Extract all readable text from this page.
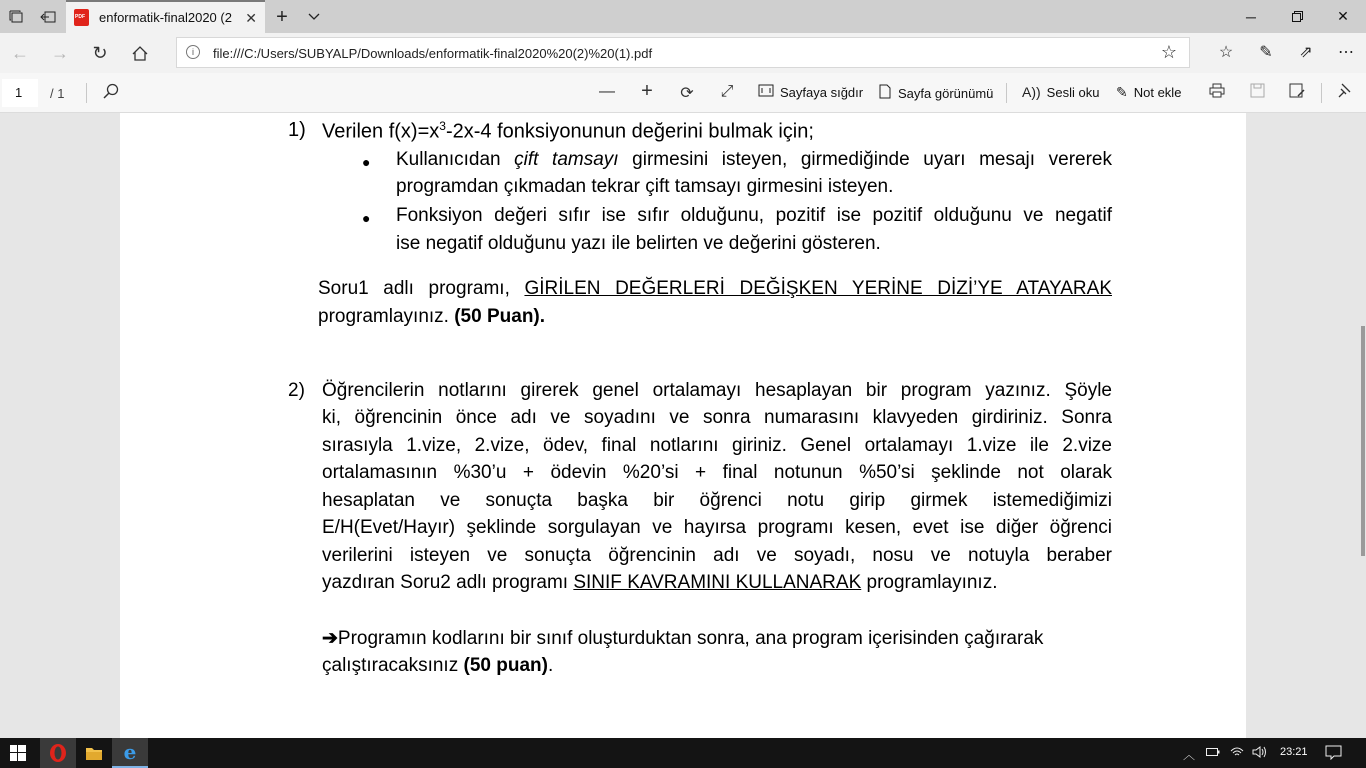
PDF
enformatik-final2020 (2 ✕ +	─	✕
← →	↻	i	file:///C:/Users/SUBYALP/Downloads/enformatik-final2020%20(2)%20(1).pdf	☆	☆	✎	⇗	⋯
1	/ 1	— +	⟳ ⤢	Sayfaya sığdır	Sayfa görünümü A)) Sesli oku ✎ Not ekle
1) Verilen $f(x)=x^3-2x-4$ fonksiyonunun değerini bulmak için;
● Kullanıcıdan çift tamsayı girmesini isteyen, girmediğinde uyarı mesajı vererek
programdan çıkmadan tekrar çift tamsayı girmesini isteyen.
● Fonksiyon değeri sıfır ise sıfır olduğunu, pozitif ise pozitif olduğunu ve negatif
ise negatif olduğunu yazı ile belirten ve değerini gösteren.
Soru1 adlı programı, GİRİLEN DEĞERLERİ DEĞİŞKEN YERİNE DİZİ’YE ATAYARAK
programlayınız. (50 Puan).
2) Öğrencilerin notlarını girerek genel ortalamayı hesaplayan bir program yazınız. Şöyle
ki, öğrencinin önce adı ve soyadını ve sonra numarasını klavyeden girdiriniz. Sonra
sırasıyla 1.vize, 2.vize, ödev, final notlarını giriniz. Genel ortalamayı 1.vize ile 2.vize
ortalamasının %30’u + ödevin %20’si + final notunun %50’si şeklinde not olarak
hesaplatan ve sonuçta başka bir öğrenci notu girip girmek istemediğimizi
E/H(Evet/Hayır) şeklinde sorgulayan ve hayırsa programı kesen, evet ise diğer öğrenci
verilerini isteyen ve sonuçta öğrencinin adı ve soyadı, nosu ve notuyla beraber
yazdıran Soru2 adlı programı SINIF KAVRAMINI KULLANARAK programlayınız.
➔Programın kodlarını bir sınıf oluşturduktan sonra, ana program içerisinden çağırarak
çalıştıracaksınız (50 puan).
e	︿	23:21
